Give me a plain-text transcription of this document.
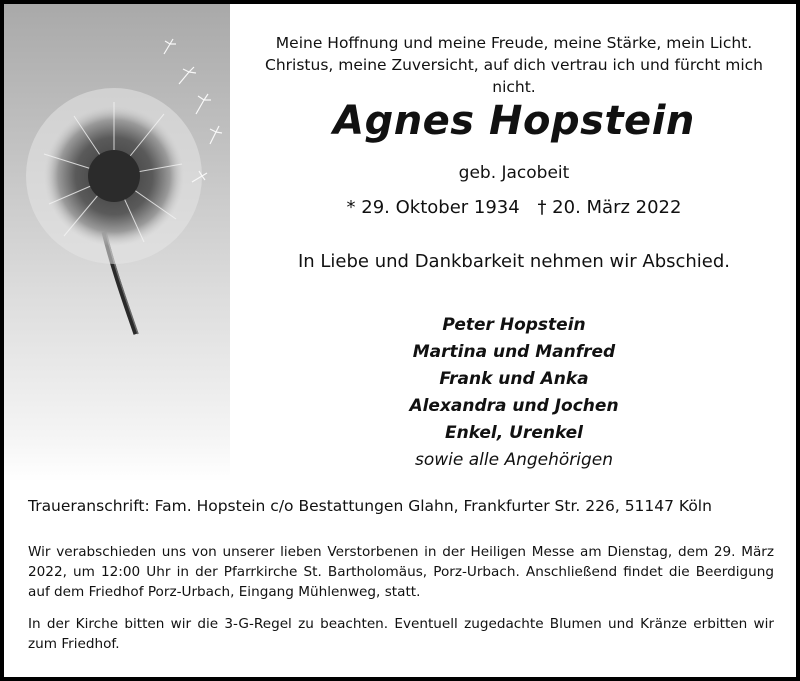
Meine Hoffnung und meine Freude, meine Stärke, mein Licht.
Christus, meine Zuversicht, auf dich vertrau ich und fürcht mich nicht.
Agnes Hopstein
geb. Jacobeit
* 29. Oktober 1934 † 20. März 2022
In Liebe und Dankbarkeit nehmen wir Abschied.
Peter Hopstein
Martina und Manfred
Frank und Anka
Alexandra und Jochen
Enkel, Urenkel
sowie alle Angehörigen
Traueranschrift: Fam. Hopstein c/o Bestattungen Glahn, Frankfurter Str. 226, 51147 Köln
Wir verabschieden uns von unserer lieben Verstorbenen in der Heiligen Messe am Dienstag, dem 29. März 2022, um 12:00 Uhr in der Pfarrkirche St. Bartholomäus, Porz-Urbach. Anschließend findet die Beerdigung auf dem Friedhof Porz-Urbach, Eingang Mühlenweg, statt.
In der Kirche bitten wir die 3-G-Regel zu beachten. Eventuell zugedachte Blumen und Kränze erbitten wir zum Friedhof.
